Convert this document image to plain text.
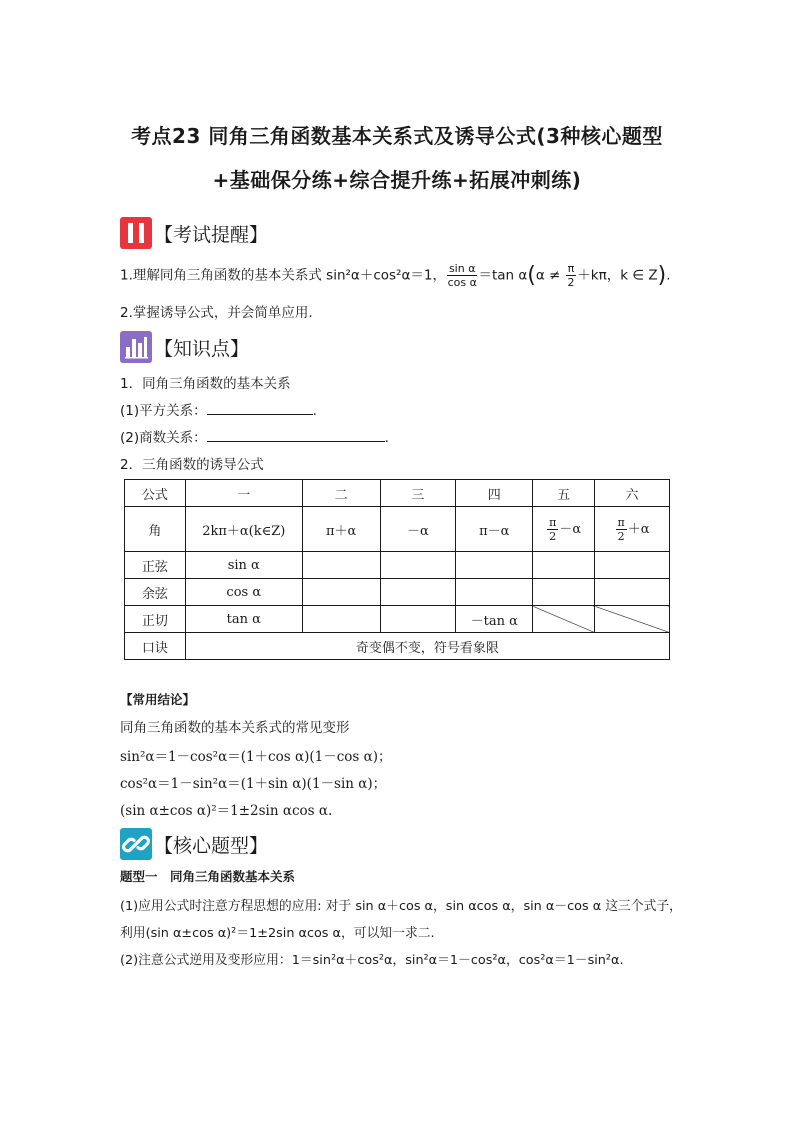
考点23 同角三角函数基本关系式及诱导公式(3种核心题型
+基础保分练+综合提升练+拓展冲刺练)
【考试提醒】
1.理解同角三角函数的基本关系式 sin²α＋cos²α＝1， $\frac{\text{sin α}}{\text{cos α}} =\tan$ $\alpha(\alpha \ne \frac{\pi}{2} +k\pi$，k ∈ Z).
2.掌握诱导公式，并会简单应用.
【知识点】
1．同角三角函数的基本关系
(1)平方关系：	.
(2)商数关系：	.
2．三角函数的诱导公式
公式	一	二	三	四	五	六
角	2kπ＋α(k∈Z)	π＋α	－α	π－α	$\frac{\pi}{2} -\alpha$	$\frac{\pi}{2} +\alpha$
正弦	sin α					
余弦	cos α					
正切	tan α			－tan α		
口诀	奇变偶不变，符号看象限					
【常用结论】
同角三角函数的基本关系式的常见变形
sin²α＝1－cos²α＝(1＋cos α)(1－cos α)；
cos²α＝1－sin²α＝(1＋sin α)(1－sin α)；
(sin α±cos α)²＝1±2sin αcos α.
【核心题型】
题型一　同角三角函数基本关系
(1)应用公式时注意方程思想的应用: 对于 sin α＋cos α，sin αcos α，sin α－cos α 这三个式子，
利用(sin α±cos α)²＝1±2sin αcos α，可以知一求二.
(2)注意公式逆用及变形应用：1＝sin²α＋cos²α，sin²α＝1－cos²α，cos²α＝1－sin²α.
